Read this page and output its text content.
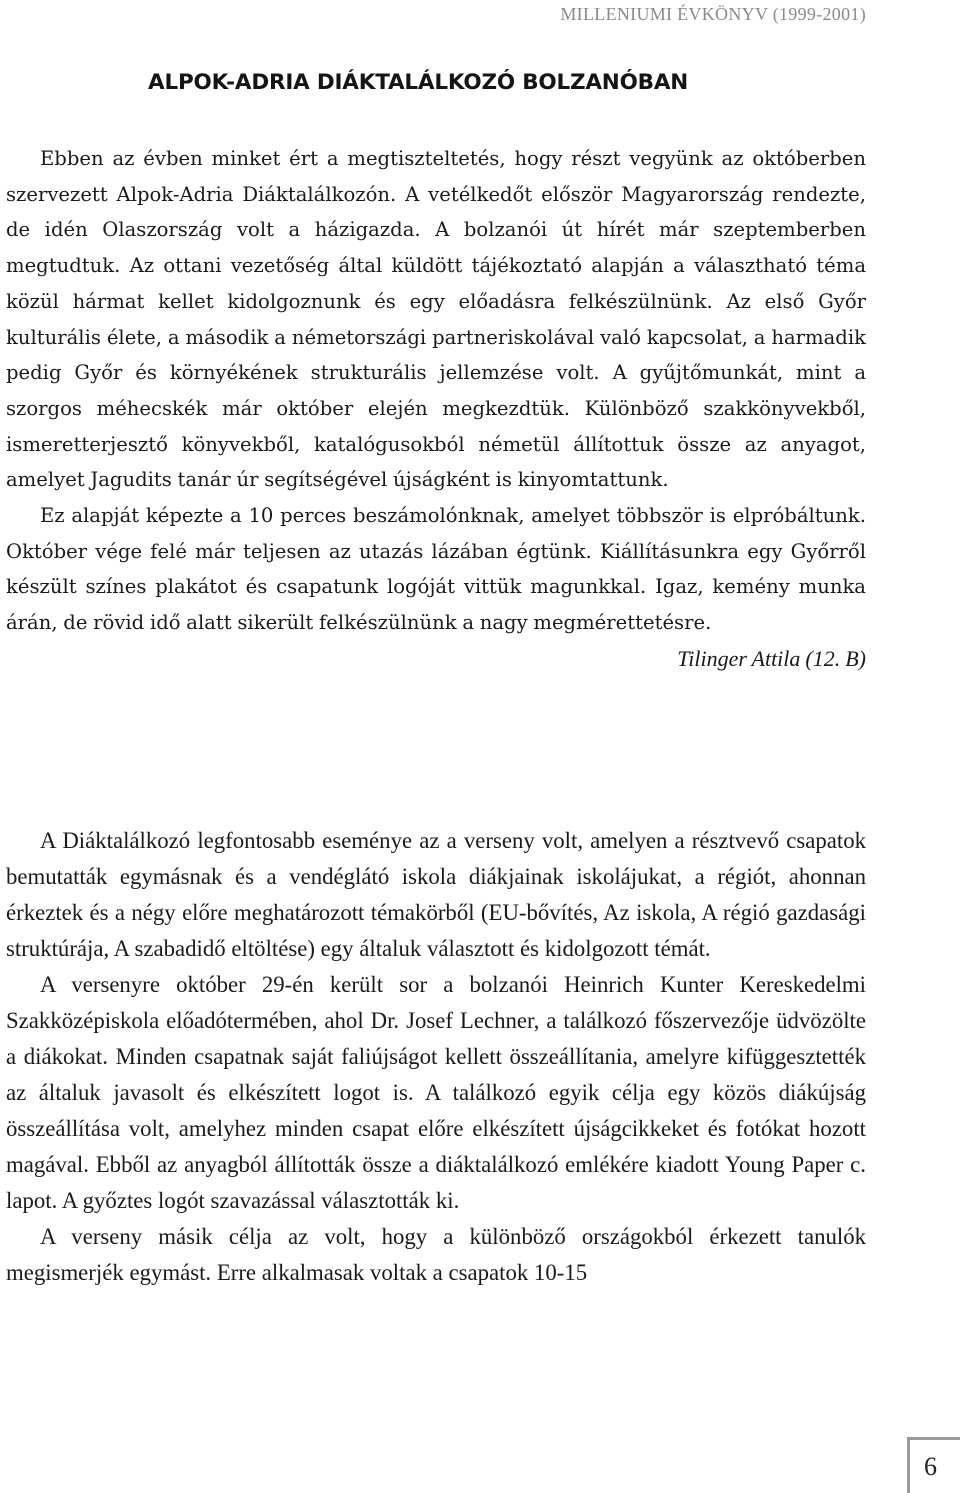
MILLENIUMI ÉVKÖNYV (1999-2001)
ALPOK-ADRIA DIÁKTALÁLKOZÓ BOLZANÓBAN

Ebben az évben minket ért a megtiszteltetés, hogy részt vegyünk az októberben szervezett Alpok-Adria Diáktalálkozón. A vetélkedőt először Magyarország rendezte, de idén Olaszország volt a házigazda. A bolzanói út hírét már szeptemberben megtudtuk. Az ottani vezetőség által küldött tájékoztató alapján a választható téma közül hármat kellet kidolgoznunk és egy előadásra felkészülnünk. Az első Győr kulturális élete, a második a németországi partneriskolával való kapcsolat, a harmadik pedig Győr és környékének strukturális jellemzése volt. A gyűjtőmunkát, mint a szorgos méhecskék már október elején megkezdtük. Különböző szakkönyvekből, ismeretterjesztő könyvekből, katalógusokból németül állítottuk össze az anyagot, amelyet Jagudits tanár úr segítségével újságként is kinyomtattunk.

Ez alapját képezte a 10 perces beszámolónknak, amelyet többször is elpróbáltunk. Október vége felé már teljesen az utazás lázában égtünk. Kiállításunkra egy Győrről készült színes plakátot és csapatunk logóját vittük magunkkal. Igaz, kemény munka árán, de rövid idő alatt sikerült felkészülnünk a nagy megmérettetésre.

Tilinger Attila (12. B)

A Diáktalálkozó legfontosabb eseménye az a verseny volt, amelyen a résztvevő csapatok bemutatták egymásnak és a vendéglátó iskola diákjainak iskolájukat, a régiót, ahonnan érkeztek és a négy előre meghatározott témakörből (EU-bővítés, Az iskola, A régió gazdasági struktúrája, A szabadidő eltöltése) egy általuk választott és kidolgozott témát.

A versenyre október 29-én került sor a bolzanói Heinrich Kunter Kereskedelmi Szakközépiskola előadótermében, ahol Dr. Josef Lechner, a találkozó főszervezője üdvözölte a diákokat. Minden csapatnak saját faliújságot kellett összeállítania, amelyre kifüggesztették az általuk javasolt és elkészített logot is. A találkozó egyik célja egy közös diákújság összeállítása volt, amelyhez minden csapat előre elkészített újságcikkeket és fotókat hozott magával. Ebből az anyagból állították össze a diáktalálkozó emlékére kiadott Young Paper c. lapot. A győztes logót szavazással választották ki.

A verseny másik célja az volt, hogy a különböző országokból érkezett tanulók megismerjék egymást. Erre alkalmasak voltak a csapatok 10-15

6
